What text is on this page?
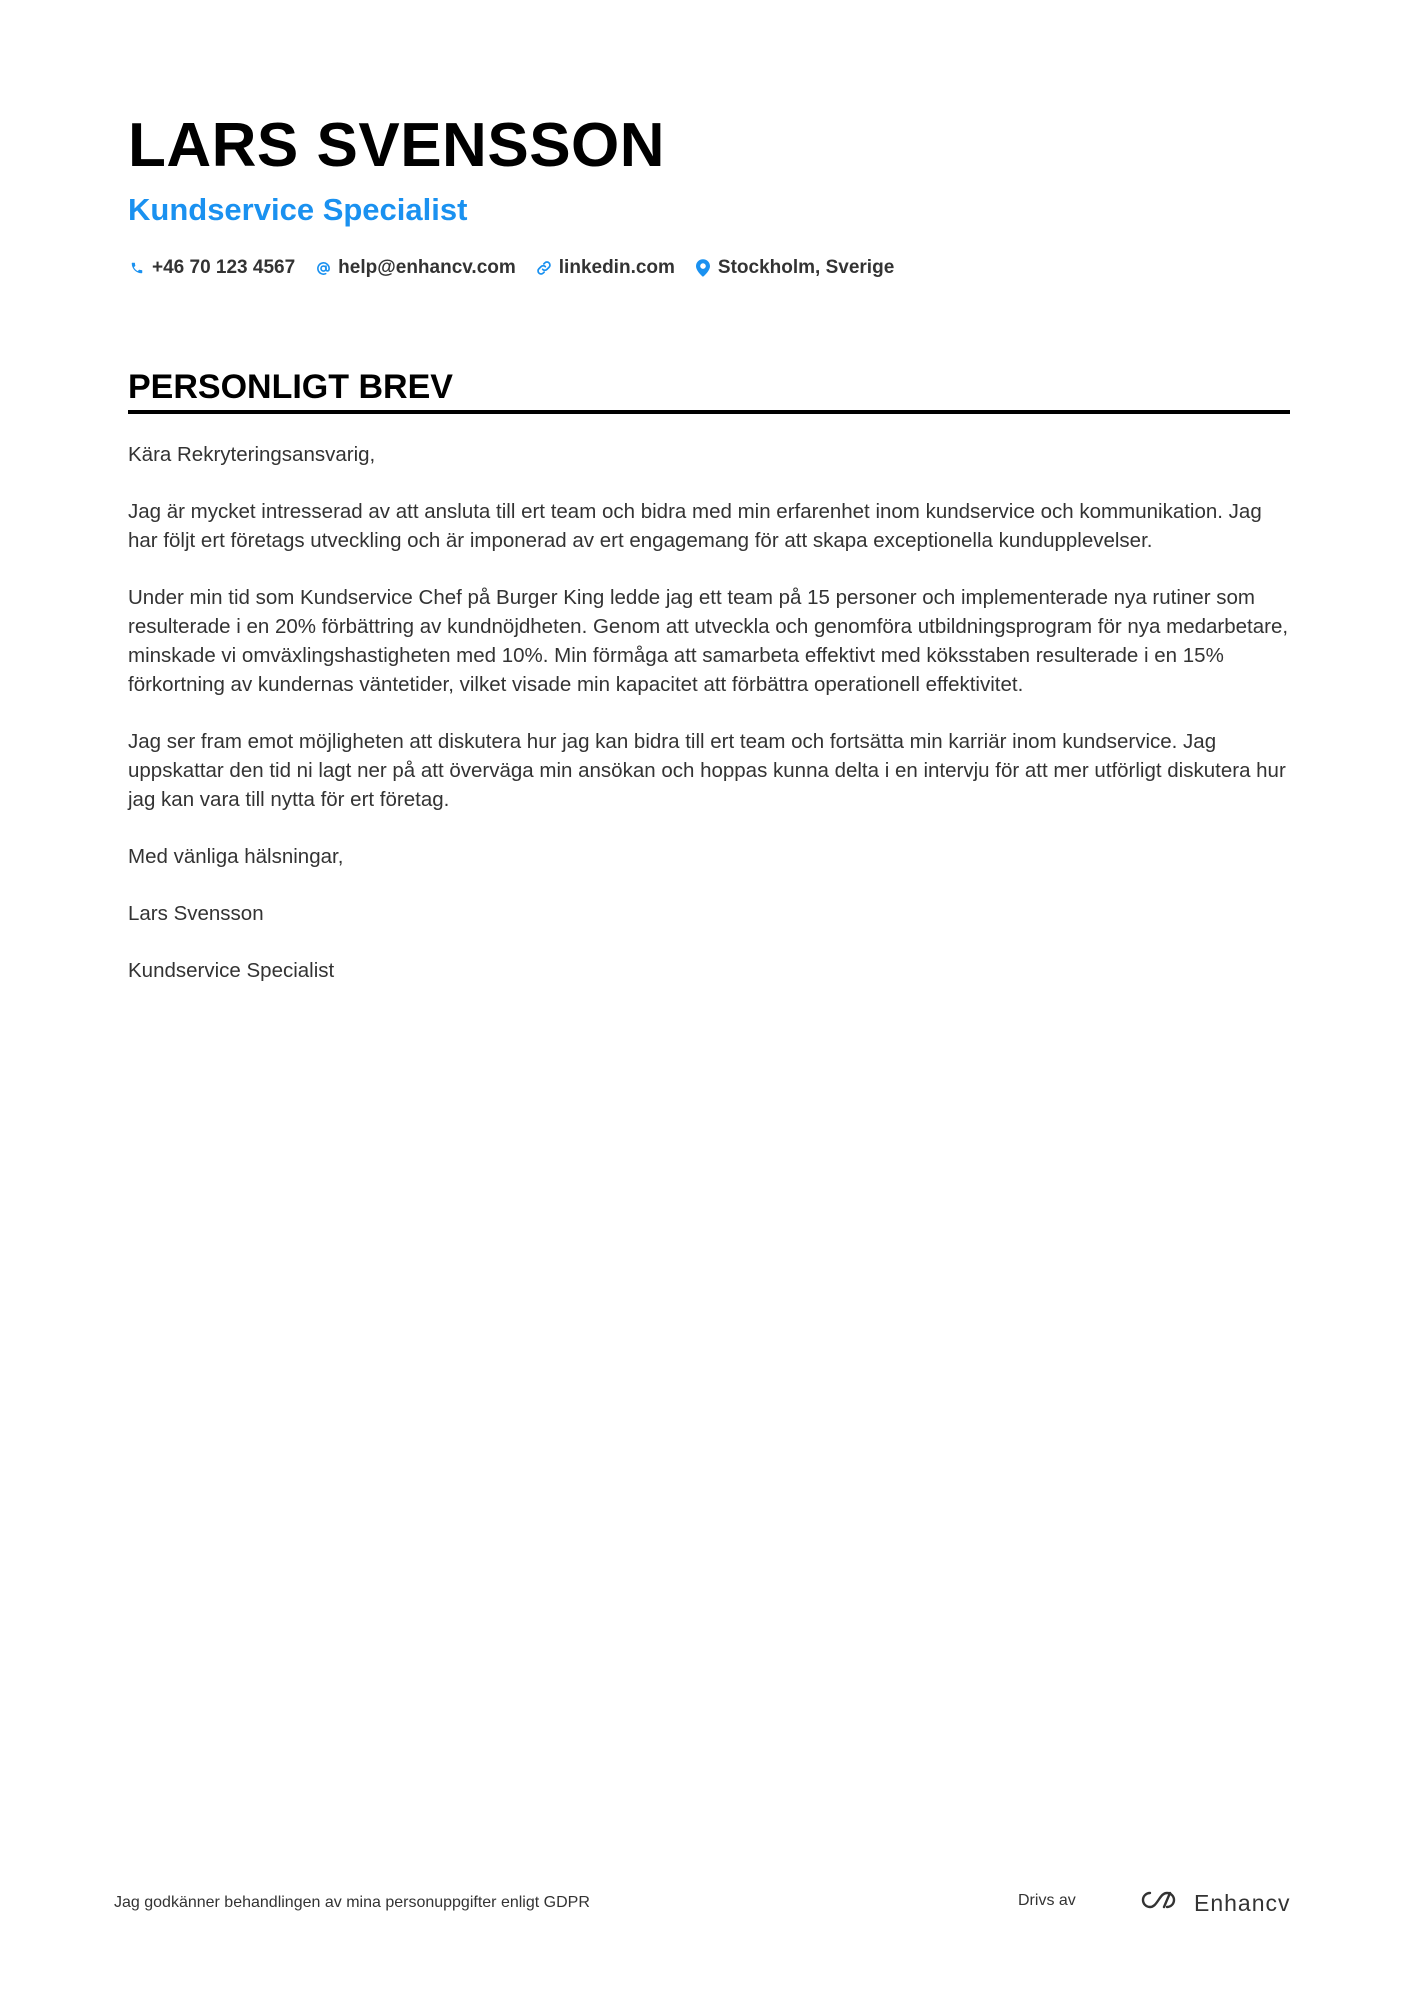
LARS SVENSSON
Kundservice Specialist
+46 70 123 4567 help@enhancv.com linkedin.com Stockholm, Sverige
PERSONLIGT BREV

Kära Rekryteringsansvarig,

Jag är mycket intresserad av att ansluta till ert team och bidra med min erfarenhet inom kundservice och kommunikation. Jag har följt ert företags utveckling och är imponerad av ert engagemang för att skapa exceptionella kundupplevelser.

Under min tid som Kundservice Chef på Burger King ledde jag ett team på 15 personer och implementerade nya rutiner som resulterade i en 20% förbättring av kundnöjdheten. Genom att utveckla och genomföra utbildningsprogram för nya medarbetare, minskade vi omväxlingshastigheten med 10%. Min förmåga att samarbeta effektivt med köksstaben resulterade i en 15% förkortning av kundernas väntetider, vilket visade min kapacitet att förbättra operationell effektivitet.

Jag ser fram emot möjligheten att diskutera hur jag kan bidra till ert team och fortsätta min karriär inom kundservice. Jag uppskattar den tid ni lagt ner på att överväga min ansökan och hoppas kunna delta i en intervju för att mer utförligt diskutera hur jag kan vara till nytta för ert företag.

Med vänliga hälsningar,

Lars Svensson

Kundservice Specialist

Jag godkänner behandlingen av mina personuppgifter enligt GDPR	Drivs av	Enhancv
